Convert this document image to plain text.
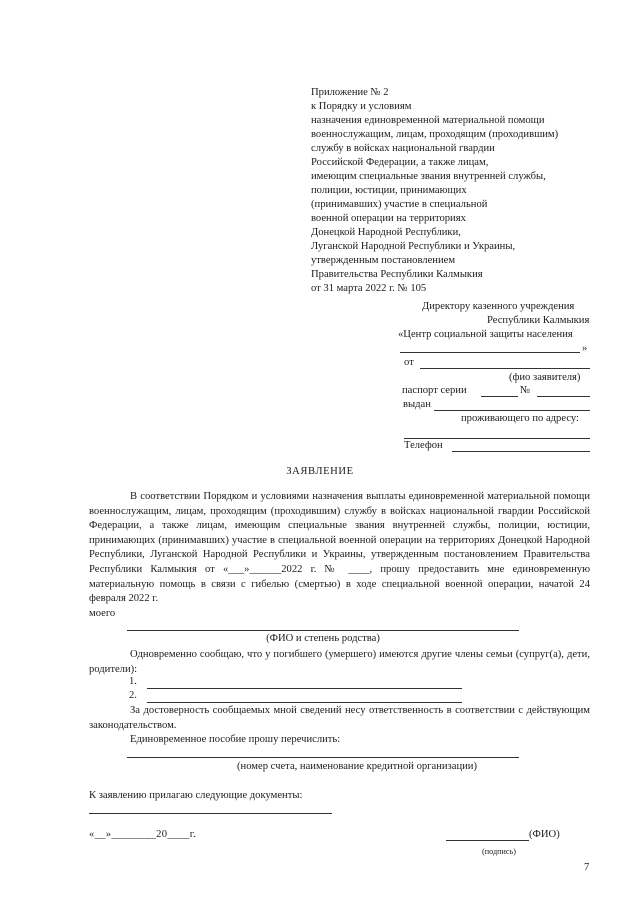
Приложение № 2
к Порядку и условиям
назначения единовременной материальной помощи
военнослужащим, лицам, проходящим (проходившим)
службу в войсках национальной гвардии
Российской Федерации, а также лицам,
имеющим специальные звания внутренней службы,
полиции, юстиции, принимающих
(принимавших) участие в специальной
военной операции на территориях
Донецкой Народной Республики,
Луганской Народной Республики и Украины,
утвержденным постановлением
Правительства Республики Калмыкия
от 31 марта 2022 г. № 105
Директору казенного учреждения
Республики Калмыкия
«Центр социальной защиты населения
»
от
(фио заявителя)
паспорт серии	№
выдан
проживающего по адресу:
Телефон
ЗАЯВЛЕНИЕ
В соответствии Порядком и условиями назначения выплаты единовременной материальной помощи военнослужащим, лицам, проходящим (проходившим) службу в войсках национальной гвардии Российской Федерации, а также лицам, имеющим специальные звания внутренней службы, полиции, юстиции, принимающих (принимавших) участие в специальной военной операции на территориях Донецкой Народной Республики, Луганской Народной Республики и Украины, утвержденным постановлением Правительства Республики Калмыкия от «___»______2022 г. № ____, прошу предоставить мне единовременную материальную помощь в связи с гибелью (смертью) в ходе специальной военной операции, начатой 24 февраля 2022 г.
моего
(ФИО и степень родства)
Одновременно сообщаю, что у погибшего (умершего) имеются другие члены семьи (супруг(а), дети, родители):
1.
2.
За достоверность сообщаемых мной сведений несу ответственность в соответствии с действующим законодательством.
Единовременное пособие прошу перечислить:
(номер счета, наименование кредитной организации)
К заявлению прилагаю следующие документы:
«__»________20____г.	(ФИО)
(подпись)
7
